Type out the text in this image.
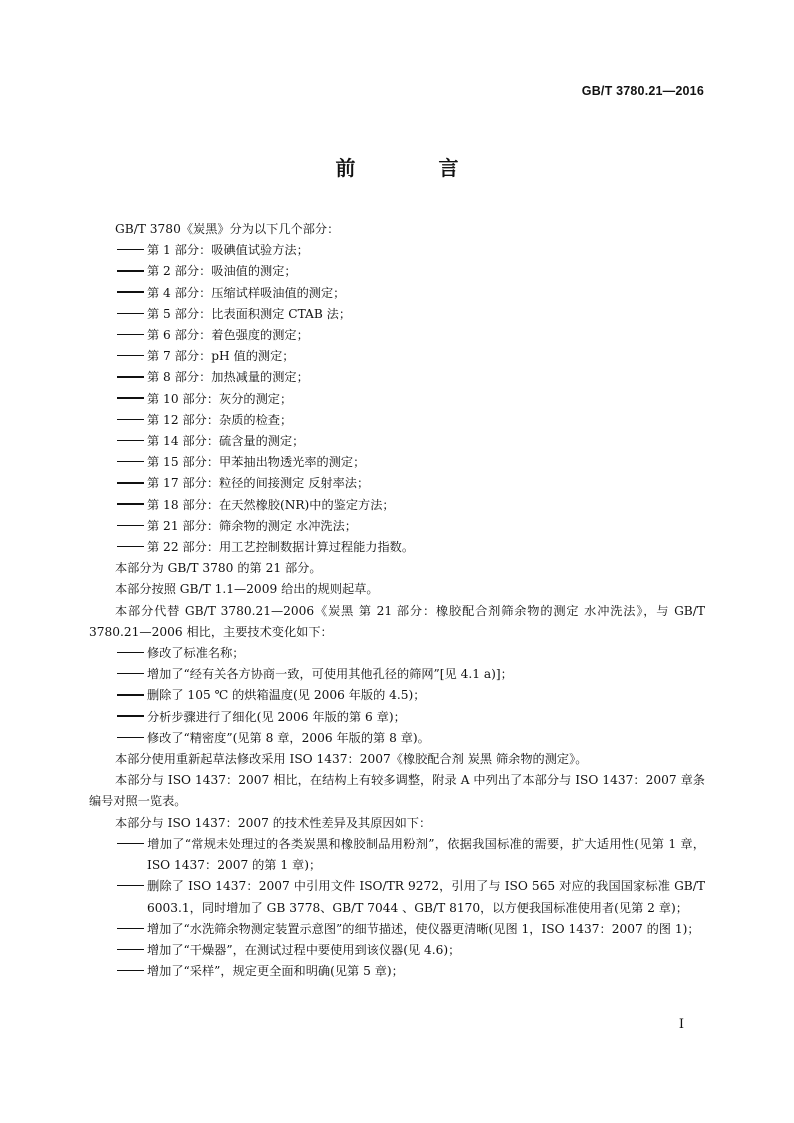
GB/T 3780.21—2016
前 言

GB/T 3780《炭黑》分为以下几个部分：

第 1 部分：吸碘值试验方法；

第 2 部分：吸油值的测定；

第 4 部分：压缩试样吸油值的测定；

第 5 部分：比表面积测定 CTAB 法；

第 6 部分：着色强度的测定；

第 7 部分：pH 值的测定；

第 8 部分：加热减量的测定；

第 10 部分：灰分的测定；

第 12 部分：杂质的检查；

第 14 部分：硫含量的测定；

第 15 部分：甲苯抽出物透光率的测定；

第 17 部分：粒径的间接测定 反射率法；

第 18 部分：在天然橡胶(NR)中的鉴定方法；

第 21 部分：筛余物的测定 水冲洗法；

第 22 部分：用工艺控制数据计算过程能力指数。

本部分为 GB/T 3780 的第 21 部分。

本部分按照 GB/T 1.1—2009 给出的规则起草。

本部分代替 GB/T 3780.21—2006《炭黑 第 21 部分：橡胶配合剂筛余物的测定 水冲洗法》，与 GB/T 3780.21—2006 相比，主要技术变化如下：

修改了标准名称；

增加了“经有关各方协商一致，可使用其他孔径的筛网”[见 4.1 a)]；

删除了 105 ℃ 的烘箱温度(见 2006 年版的 4.5)；

分析步骤进行了细化(见 2006 年版的第 6 章)；

修改了“精密度”(见第 8 章，2006 年版的第 8 章)。

本部分使用重新起草法修改采用 ISO 1437：2007《橡胶配合剂 炭黑 筛余物的测定》。

本部分与 ISO 1437：2007 相比，在结构上有较多调整，附录 A 中列出了本部分与 ISO 1437：2007 章条编号对照一览表。

本部分与 ISO 1437：2007 的技术性差异及其原因如下：

增加了“常规未处理过的各类炭黑和橡胶制品用粉剂”，依据我国标准的需要，扩大适用性(见第 1 章，ISO 1437：2007 的第 1 章)；

删除了 ISO 1437：2007 中引用文件 ISO/TR 9272，引用了与 ISO 565 对应的我国国家标准 GB/T 6003.1，同时增加了 GB 3778、GB/T 7044 、GB/T 8170，以方便我国标准使用者(见第 2 章)；

增加了“水洗筛余物测定装置示意图”的细节描述，使仪器更清晰(见图 1，ISO 1437：2007 的图 1)；

增加了“干燥器”，在测试过程中要使用到该仪器(见 4.6)；

增加了“采样”，规定更全面和明确(见第 5 章)；

I
